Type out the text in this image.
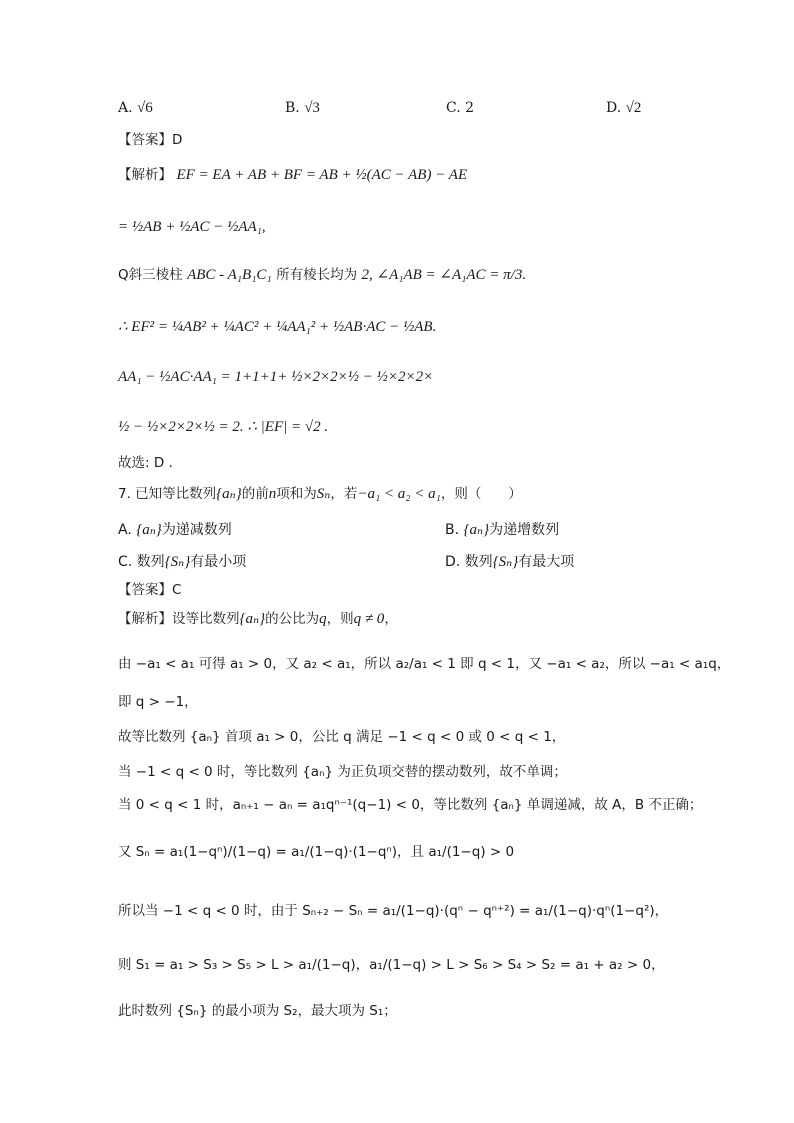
A. √6	B. √3	C. 2	D. √2
【答案】D
【解析】 EF = EA + AB + BF = AB + ½(AC − AB) − AE
= ½AB + ½AC − ½AA₁,
Q斜三棱柱 ABC - A₁B₁C₁ 所有棱长均为 2, ∠A₁AB = ∠A₁AC = π/3.
∴ EF² = ¼AB² + ¼AC² + ¼AA₁² + ½AB·AC − ½AB.
AA₁ − ½AC·AA₁ = 1+1+1+ ½×2×2×½ − ½×2×2×
½ − ½×2×2×½ = 2. ∴ |EF| = √2 .
故选: D .
7. 已知等比数列{aₙ}的前n项和为Sₙ，若−a₁ < a₂ < a₁，则（　　）
A. {aₙ}为递减数列	B. {aₙ}为递增数列
C. 数列{Sₙ}有最小项	D. 数列{Sₙ}有最大项
【答案】C
【解析】设等比数列{aₙ}的公比为q，则q ≠ 0，
由 −a₁ < a₁ 可得 a₁ > 0，又 a₂ < a₁，所以 a₂/a₁ < 1 即 q < 1，又 −a₁ < a₂，所以 −a₁ < a₁q，
即 q > −1，
故等比数列 {aₙ} 首项 a₁ > 0，公比 q 满足 −1 < q < 0 或 0 < q < 1，
当 −1 < q < 0 时，等比数列 {aₙ} 为正负项交替的摆动数列，故不单调；
当 0 < q < 1 时，aₙ₊₁ − aₙ = a₁qⁿ⁻¹(q−1) < 0，等比数列 {aₙ} 单调递减，故 A，B 不正确；
又 Sₙ = a₁(1−qⁿ)/(1−q) = a₁/(1−q)·(1−qⁿ)，且 a₁/(1−q) > 0
所以当 −1 < q < 0 时，由于 Sₙ₊₂ − Sₙ = a₁/(1−q)·(qⁿ − qⁿ⁺²) = a₁/(1−q)·qⁿ(1−q²)，
则 S₁ = a₁ > S₃ > S₅ > L > a₁/(1−q)，a₁/(1−q) > L > S₆ > S₄ > S₂ = a₁ + a₂ > 0，
此时数列 {Sₙ} 的最小项为 S₂，最大项为 S₁；
